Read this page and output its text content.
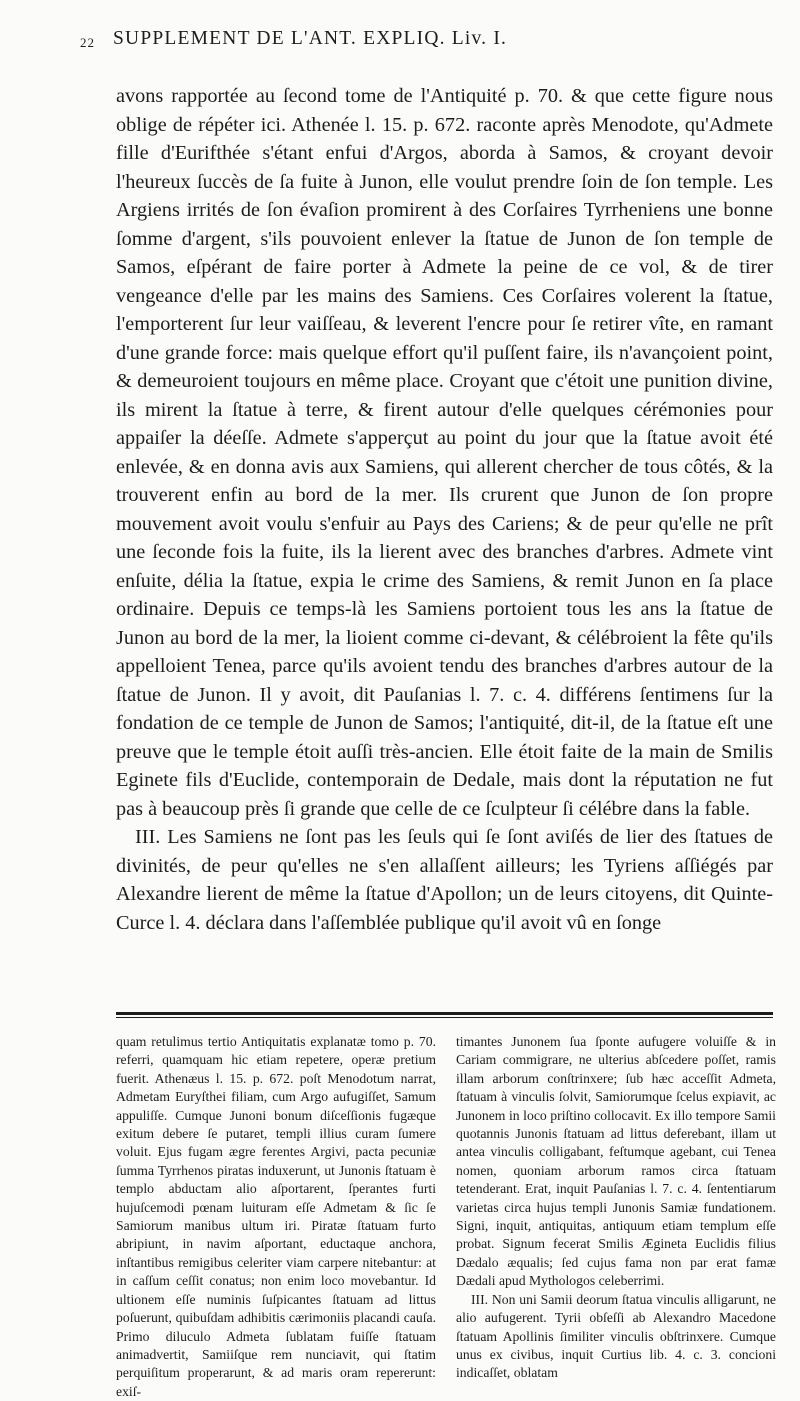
22 SUPPLEMENT DE L'ANT. EXPLIQ. Liv. I.

avons rapportée au ſecond tome de l'Antiquité p. 70. & que cette figure nous oblige de répéter ici. Athenée l. 15. p. 672. raconte après Menodote, qu'Admete fille d'Eurifthée s'étant enfui d'Argos, aborda à Samos, & croyant devoir l'heureux ſuccès de ſa fuite à Junon, elle voulut prendre ſoin de ſon temple. Les Argiens irrités de ſon évaſion promirent à des Corſaires Tyrrheniens une bonne ſomme d'argent, s'ils pouvoient enlever la ſtatue de Junon de ſon temple de Samos, eſpérant de faire porter à Admete la peine de ce vol, & de tirer vengeance d'elle par les mains des Samiens. Ces Corſaires volerent la ſtatue, l'emporterent ſur leur vaiſſeau, & leverent l'encre pour ſe retirer vîte, en ramant d'une grande force: mais quelque effort qu'il puſſent faire, ils n'avançoient point, & demeuroient toujours en même place. Croyant que c'étoit une punition divine, ils mirent la ſtatue à terre, & firent autour d'elle quelques cérémonies pour appaiſer la déeſſe. Admete s'apperçut au point du jour que la ſtatue avoit été enlevée, & en donna avis aux Samiens, qui allerent chercher de tous côtés, & la trouverent enfin au bord de la mer. Ils crurent que Junon de ſon propre mouvement avoit voulu s'enfuir au Pays des Cariens; & de peur qu'elle ne prît une ſeconde fois la fuite, ils la lierent avec des branches d'arbres. Admete vint enſuite, délia la ſtatue, expia le crime des Samiens, & remit Junon en ſa place ordinaire. Depuis ce temps-là les Samiens portoient tous les ans la ſtatue de Junon au bord de la mer, la lioient comme ci-devant, & célébroient la fête qu'ils appelloient Tenea, parce qu'ils avoient tendu des branches d'arbres autour de la ſtatue de Junon. Il y avoit, dit Pauſanias l. 7. c. 4. différens ſentimens ſur la fondation de ce temple de Junon de Samos; l'antiquité, dit-il, de la ſtatue eſt une preuve que le temple étoit auſſi très-ancien. Elle étoit faite de la main de Smilis Eginete fils d'Euclide, contemporain de Dedale, mais dont la réputation ne fut pas à beaucoup près ſi grande que celle de ce ſculpteur ſi célébre dans la fable.

III. Les Samiens ne ſont pas les ſeuls qui ſe ſont aviſés de lier des ſtatues de divinités, de peur qu'elles ne s'en allaſſent ailleurs; les Tyriens aſſiégés par Alexandre lierent de même la ſtatue d'Apollon; un de leurs citoyens, dit Quinte-Curce l. 4. déclara dans l'aſſemblée publique qu'il avoit vû en ſonge

quam retulimus tertio Antiquitatis explanatæ tomo p. 70. referri, quamquam hic etiam repetere, operæ pretium fuerit. Athenæus l. 15. p. 672. poſt Menodotum narrat, Admetam Euryſthei filiam, cum Argo aufugiſſet, Samum appuliſſe. Cumque Junoni bonum diſceſſionis fugæque exitum debere ſe putaret, templi illius curam ſumere voluit. Ejus fugam ægre ferentes Argivi, pacta pecuniæ ſumma Tyrrhenos piratas induxerunt, ut Junonis ſtatuam è templo abductam alio aſportarent, ſperantes furti hujuſcemodi pœnam luituram eſſe Admetam & ſic ſe Samiorum manibus ultum iri. Piratæ ſtatuam furto abripiunt, in navim aſportant, eductaque anchora, inſtantibus remigibus celeriter viam carpere nitebantur: at in caſſum ceſſit conatus; non enim loco movebantur. Id ultionem eſſe numinis ſuſpicantes ſtatuam ad littus poſuerunt, quibuſdam adhibitis cærimoniis placandi cauſa. Primo diluculo Admeta ſublatam fuiſſe ſtatuam animadvertit, Samiiſque rem nunciavit, qui ſtatim perquiſitum properarunt, & ad maris oram repererunt: exiſ-

timantes Junonem ſua ſponte aufugere voluiſſe & in Cariam commigrare, ne ulterius abſcedere poſſet, ramis illam arborum conſtrinxere; ſub hæc acceſſit Admeta, ſtatuam à vinculis ſolvit, Samiorumque ſcelus expiavit, ac Junonem in loco priſtino collocavit. Ex illo tempore Samii quotannis Junonis ſtatuam ad littus deferebant, illam ut antea vinculis colligabant, feſtumque agebant, cui Tenea nomen, quoniam arborum ramos circa ſtatuam tetenderant. Erat, inquit Pauſanias l. 7. c. 4. ſententiarum varietas circa hujus templi Junonis Samiæ fundationem. Signi, inquit, antiquitas, antiquum etiam templum eſſe probat. Signum fecerat Smilis Ægineta Euclidis filius Dædalo æqualis; ſed cujus fama non par erat famæ Dædali apud Mythologos celeberrimi.

III. Non uni Samii deorum ſtatua vinculis alligarunt, ne alio aufugerent. Tyrii obſeſſi ab Alexandro Macedone ſtatuam Apollinis ſimiliter vinculis obſtrinxere. Cumque unus ex civibus, inquit Curtius lib. 4. c. 3. concioni indicaſſet, oblatam
